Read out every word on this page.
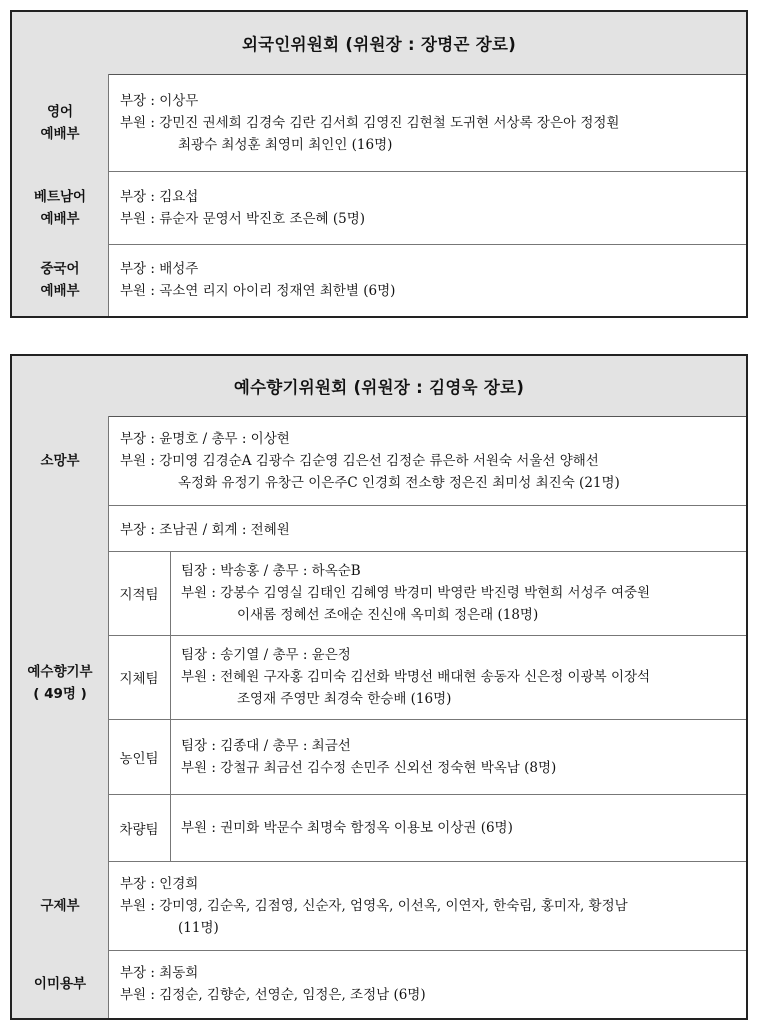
외국인위원회 (위원장 : 장명곤 장로)
영어
예배부
부장 : 이상무
부원 : 강민진 권세희 김경숙 김란 김서희 김영진 김현철 도귀현 서상록 장은아 정정훤
최광수 최성훈 최영미 최인인 (16명)
베트남어
예배부
부장 : 김요섭
부원 : 류순자 문영서 박진호 조은혜 (5명)
중국어
예배부
부장 : 배성주
부원 : 곡소연 리지 아이리 정재연 최한별 (6명)
예수향기위원회 (위원장 : 김영욱 장로)
소망부
부장 : 윤명호 / 총무 : 이상현
부원 : 강미영 김경순A 김광수 김순영 김은선 김정순 류은하 서원숙 서울선 양해선
옥정화 유정기 유창근 이은주C 인경희 전소향 정은진 최미성 최진숙 (21명)
예수향기부
( 49명 )
부장 : 조남권 / 회계 : 전혜원
지적팀
팀장 : 박송홍 / 총무 : 하옥순B
부원 : 강봉수 김영실 김태인 김혜영 박경미 박영란 박진령 박현희 서성주 여중원
이새롬 정혜선 조애순 진신애 옥미희 정은래 (18명)
지체팀
팀장 : 송기열 / 총무 : 윤은정
부원 : 전혜원 구자홍 김미숙 김선화 박명선 배대현 송동자 신은정 이광복 이장석
조영재 주영만 최경숙 한승배 (16명)
농인팀
팀장 : 김종대 / 총무 : 최금선
부원 : 강철규 최금선 김수정 손민주 신외선 정숙현 박옥남 (8명)
차량팀	부원 : 권미화 박문수 최명숙 함정옥 이용보 이상권 (6명)
구제부
부장 : 인경희
부원 : 강미영, 김순옥, 김점영, 신순자, 엄영옥, 이선옥, 이연자, 한숙림, 홍미자, 황정남
(11명)
이미용부
부장 : 최동희
부원 : 김정순, 김향순, 선영순, 임정은, 조정남 (6명)
